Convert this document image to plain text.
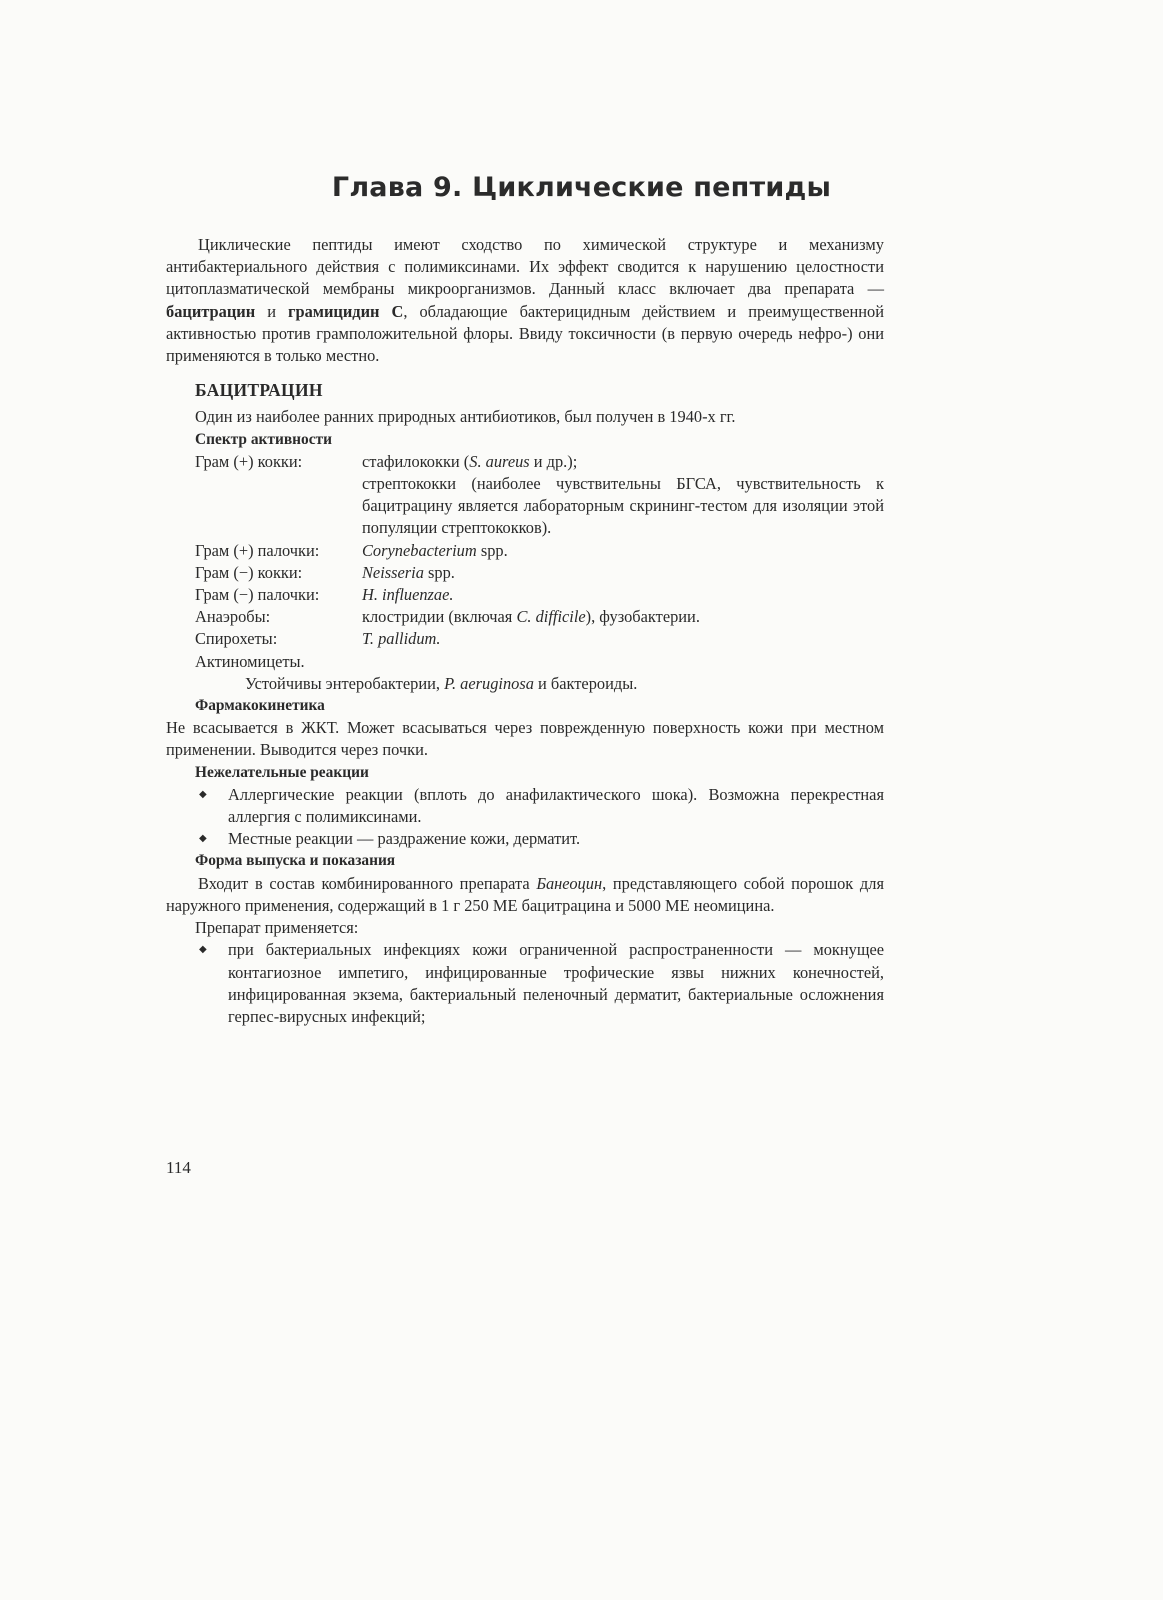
Глава 9. Циклические пептиды

Циклические пептиды имеют сходство по химической структуре и механизму антибактериального действия с полимиксинами. Их эффект сводится к нарушению целостности цитоплазматической мембраны микроорганизмов. Данный класс включает два препарата — бацитрацин и грамицидин С, обладающие бактерицидным действием и преимущественной активностью против грамположительной флоры. Ввиду токсичности (в первую очередь нефро-) они применяются в только местно.

БАЦИТРАЦИН

Один из наиболее ранних природных антибиотиков, был получен в 1940-х гг.

Спектр активности
Грам (+) кокки:	стафилококки (S. aureus и др.);
стрептококки (наиболее чувствительны БГСА, чувствительность к бацитрацину является лабораторным скрининг-тестом для изоляции этой популяции стрептококков).
Грам (+) палочки:	Corynebacterium spp.
Грам (−) кокки:	Neisseria spp.
Грам (−) палочки:	H. influenzae.
Анаэробы:	клостридии (включая C. difficile), фузобактерии.
Спирохеты:	T. pallidum.
Актиномицеты.

Устойчивы энтеробактерии, P. aeruginosa и бактероиды.

Фармакокинетика

Не всасывается в ЖКТ. Может всасываться через поврежденную поверхность кожи при местном применении. Выводится через почки.

Нежелательные реакции
◆	Аллергические реакции (вплоть до анафилактического шока). Возможна перекрестная аллергия с полимиксинами.
◆	Местные реакции — раздражение кожи, дерматит.
Форма выпуска и показания

Входит в состав комбинированного препарата Банеоцин, представляющего собой порошок для наружного применения, содержащий в 1 г 250 МЕ бацитрацина и 5000 МЕ неомицина.

Препарат применяется:

◆	при бактериальных инфекциях кожи ограниченной распространенности — мокнущее контагиозное импетиго, инфицированные трофические язвы нижних конечностей, инфицированная экзема, бактериальный пеленочный дерматит, бактериальные осложнения герпес-вирусных инфекций;
114
